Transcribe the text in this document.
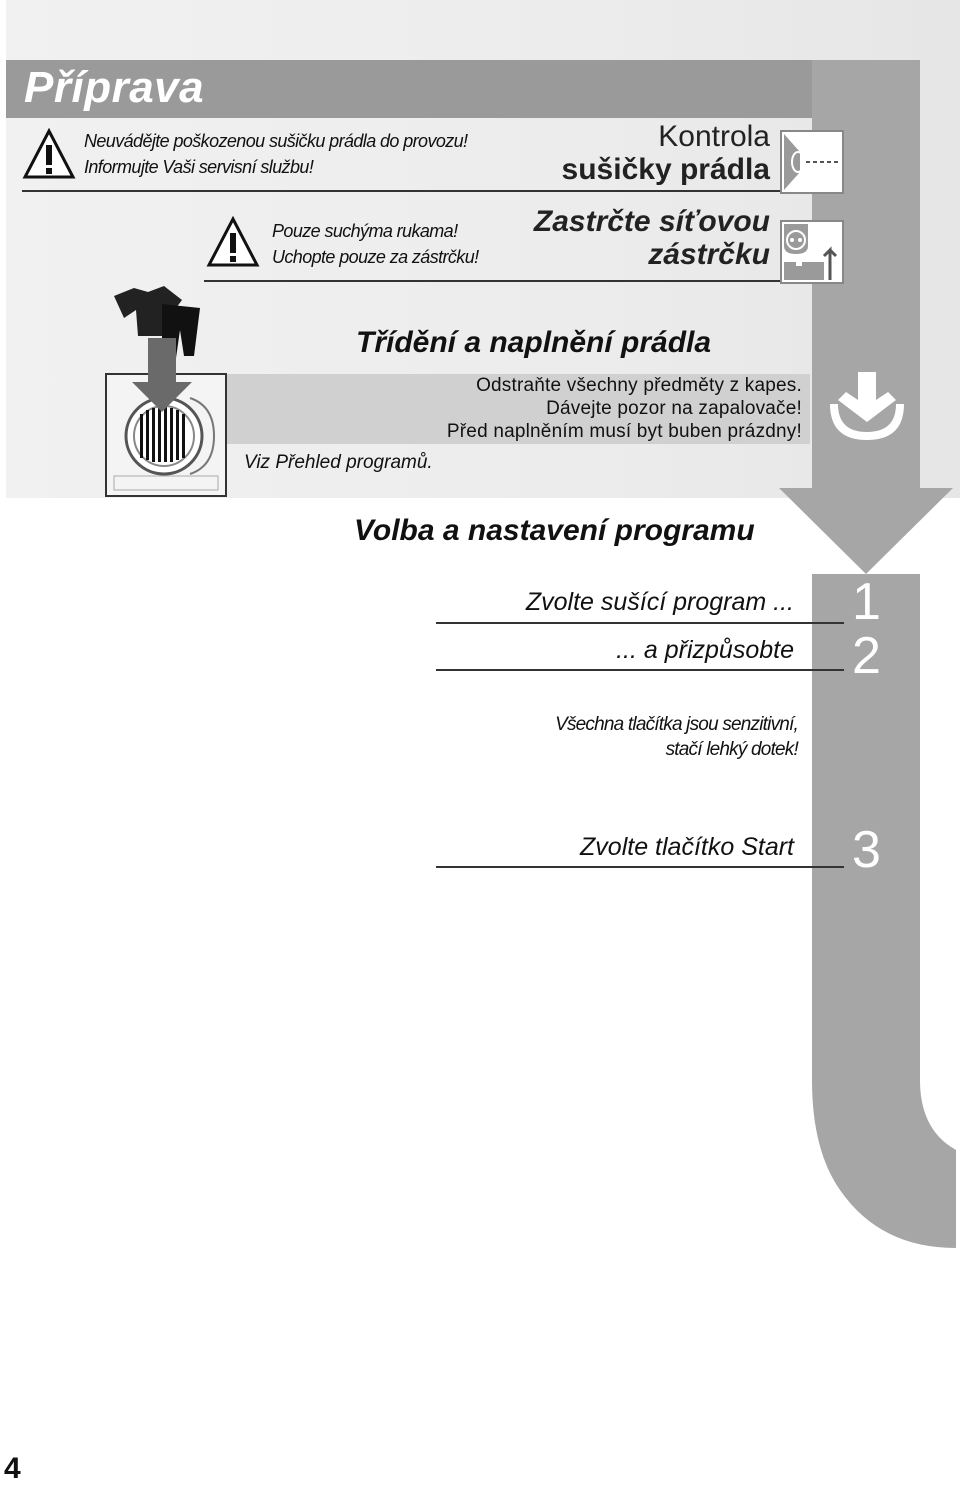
Příprava
Neuvádějte poškozenou sušičku prádla do provozu!
Informujte Vaši servisní službu!
Kontrola
sušičky prádla
Pouze suchýma rukama!
Uchopte pouze za zástrčku!
Zastrčte síťovou
zástrčku
Třídění a naplnění prádla
Odstraňte všechny předměty z kapes.
Dávejte pozor na zapalovače!
Před naplněním musí byt buben prázdny!
Viz Přehled programů.
Volba a nastavení programu
Zvolte sušící program ... 1
... a přizpůsobte 2
Všechna tlačítka jsou senzitivní,
stačí lehký dotek!
Zvolte tlačítko Start 3
4
